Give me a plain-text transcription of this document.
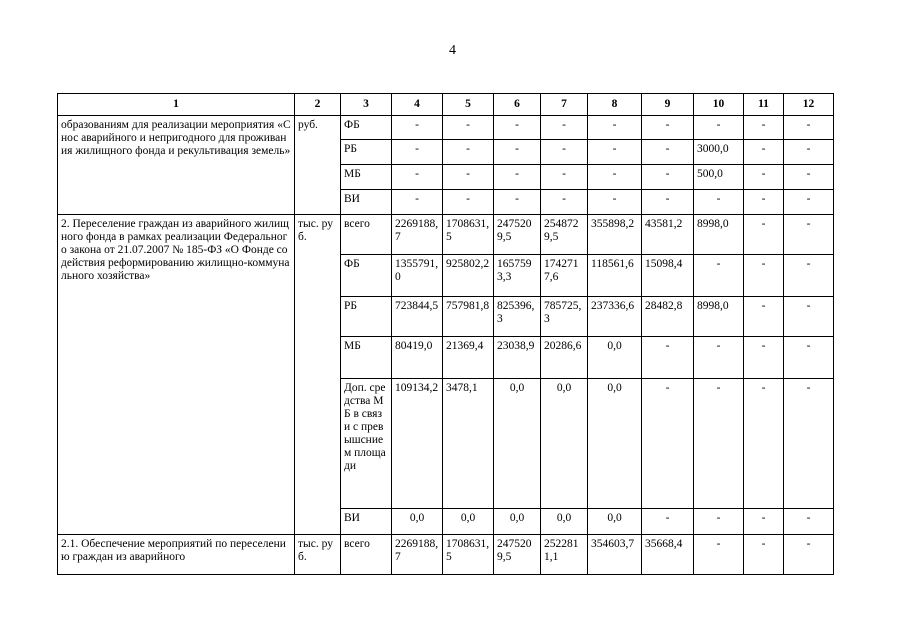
4
1	2	3	4	5	6	7	8	9	10	11	12
образованиям для реализации мероприятия «Снос аварийного и непригодного для проживания жилищного фонда и рекультивация земель»	руб.	ФБ	-	-	-	-	-	-	-	-	-
		РБ	-	-	-	-	-	-	3000,0	-	-
		МБ	-	-	-	-	-	-	500,0	-	-
		ВИ	-	-	-	-	-	-	-	-	-
2. Переселение граждан из аварийного жилищного фонда в рамках реализации Федерального закона от 21.07.2007 № 185-ФЗ «О Фонде содействия реформированию жилищно-коммунального хозяйства»	тыс. руб.	всего	2269188,7	1708631,5	2475209,5	2548729,5	355898,2	43581,2	8998,0	-	-
		ФБ	1355791,0	925802,2	1657593,3	1742717,6	118561,6	15098,4	-	-	-
		РБ	723844,5	757981,8	825396,3	785725,3	237336,6	28482,8	8998,0	-	-
		МБ	80419,0	21369,4	23038,9	20286,6	0,0	-	-	-	-
		Доп. средства МБ в связи с превышснием площади	109134,2	3478,1	0,0	0,0	0,0	-	-	-	-
		ВИ	0,0	0,0	0,0	0,0	0,0	-	-	-	-
2.1. Обеспечение мероприятий по переселению граждан из аварийного	тыс. руб.	всего	2269188,7	1708631,5	2475209,5	2522811,1	354603,7	35668,4	-	-	-
